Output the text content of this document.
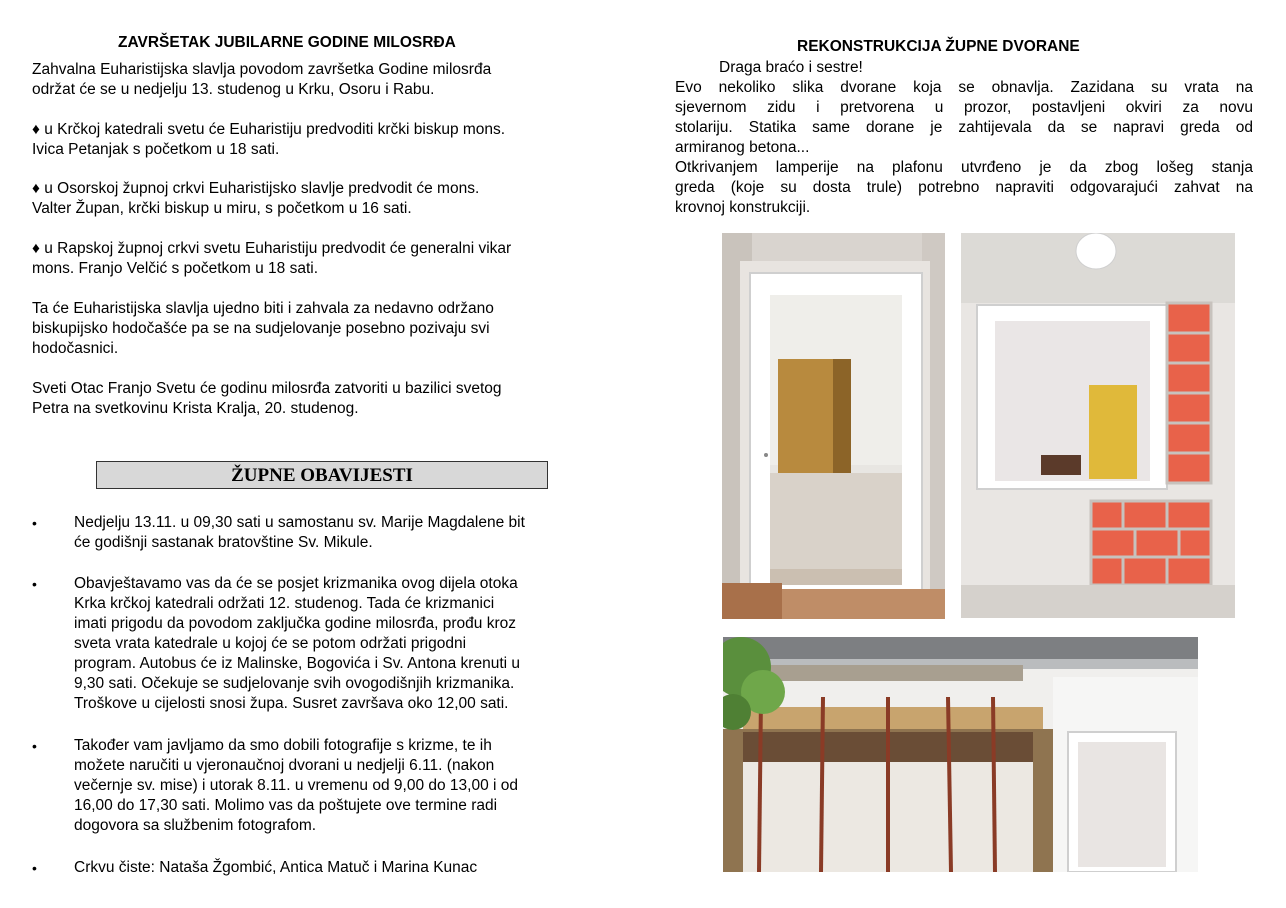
ZAVRŠETAK JUBILARNE GODINE MILOSRĐA
Zahvalna Euharistijska slavlja povodom završetka Godine milosrđa
održat će se u nedjelju 13. studenog u Krku, Osoru i Rabu.
♦ u Krčkoj katedrali svetu će Euharistiju predvoditi krčki biskup mons.
Ivica Petanjak s početkom u 18 sati.
♦ u Osorskoj župnoj crkvi Euharistijsko slavlje predvodit će mons.
Valter Župan, krčki biskup u miru, s početkom u 16 sati.
♦ u Rapskoj župnoj crkvi svetu Euharistiju predvodit će generalni vikar
mons. Franjo Velčić s početkom u 18 sati.
Ta će Euharistijska slavlja ujedno biti i zahvala za nedavno održano
biskupijsko hodočašće pa se na sudjelovanje posebno pozivaju svi
hodočasnici.
Sveti Otac Franjo Svetu će godinu milosrđa zatvoriti u bazilici svetog
Petra na svetkovinu Krista Kralja, 20. studenog.
ŽUPNE OBAVIJESTI
•	Nedjelju 13.11. u 09,30 sati u samostanu sv. Marije Magdalene bit
će godišnji sastanak bratovštine Sv. Mikule.
•	Obavještavamo vas da će se posjet krizmanika ovog dijela otoka
Krka krčkoj katedrali održati 12. studenog. Tada će krizmanici
imati prigodu da povodom zaključka godine milosrđa, prođu kroz
sveta vrata katedrale u kojoj će se potom održati prigodni
program. Autobus će iz Malinske, Bogovića i Sv. Antona krenuti u
9,30 sati. Očekuje se sudjelovanje svih ovogodišnjih krizmanika.
Troškove u cijelosti snosi župa. Susret završava oko 12,00 sati.
•	Također vam javljamo da smo dobili fotografije s krizme, te ih
možete naručiti u vjeronaučnoj dvorani u nedjelji 6.11. (nakon
večernje sv. mise) i utorak 8.11. u vremenu od 9,00 do 13,00 i od
16,00 do 17,30 sati. Molimo vas da poštujete ove termine radi
dogovora sa službenim fotografom.
•	Crkvu čiste: Nataša Žgombić, Antica Matuč i Marina Kunac
REKONSTRUKCIJA ŽUPNE DVORANE
Draga braćo i sestre!
Evo nekoliko slika dvorane koja se obnavlja. Zazidana su vrata na
sjevernom zidu i pretvorena u prozor, postavljeni okviri za novu
stolariju. Statika same dorane je zahtijevala da se napravi greda od
armiranog betona...
Otkrivanjem lamperije na plafonu utvrđeno je da zbog lošeg stanja
greda (koje su dosta trule) potrebno napraviti odgovarajući zahvat na
krovnoj konstrukciji.
